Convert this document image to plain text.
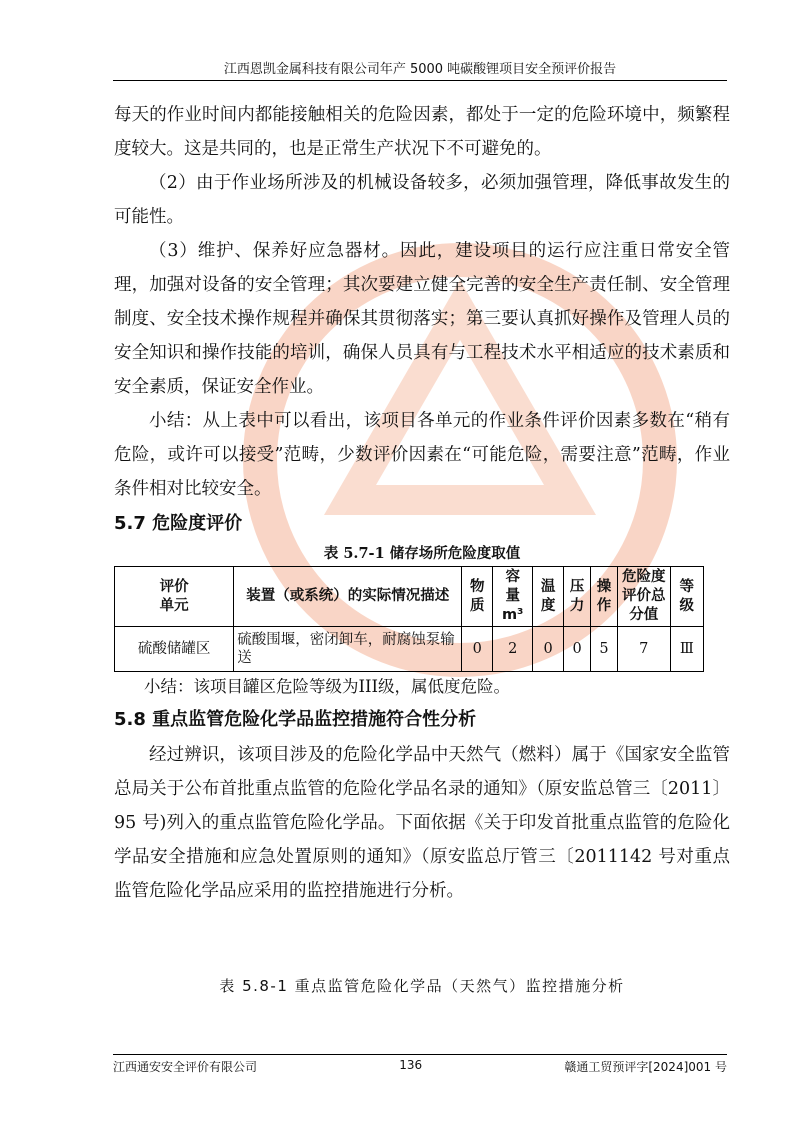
江西恩凯金属科技有限公司年产 5000 吨碳酸锂项目安全预评价报告

每天的作业时间内都能接触相关的危险因素，都处于一定的危险环境中，频繁程度较大。这是共同的，也是正常生产状况下不可避免的。

（2）由于作业场所涉及的机械设备较多，必须加强管理，降低事故发生的可能性。

（3）维护、保养好应急器材。因此，建设项目的运行应注重日常安全管理，加强对设备的安全管理；其次要建立健全完善的安全生产责任制、安全管理制度、安全技术操作规程并确保其贯彻落实；第三要认真抓好操作及管理人员的安全知识和操作技能的培训，确保人员具有与工程技术水平相适应的技术素质和安全素质，保证安全作业。

小结：从上表中可以看出，该项目各单元的作业条件评价因素多数在“稍有危险，或许可以接受”范畴，少数评价因素在“可能危险，需要注意”范畴，作业条件相对比较安全。

5.7 危险度评价

表 5.7-1 储存场所危险度取值

评价
单元	装置（或系统）的实际情况描述	物质	容
量
m³	温度	压力	操作	危险度评价总分值	等级
硫酸储罐区	硫酸围堰，密闭卸车，耐腐蚀泵输送	0	2	0	0	5	7	Ⅲ

小结：该项目罐区危险等级为III级，属低度危险。

5.8 重点监管危险化学品监控措施符合性分析

经过辨识，该项目涉及的危险化学品中天然气（燃料）属于《国家安全监管总局关于公布首批重点监管的危险化学品名录的通知》（原安监总管三〔2011〕95 号)列入的重点监管危险化学品。下面依据《关于印发首批重点监管的危险化学品安全措施和应急处置原则的通知》（原安监总厅管三〔2011142 号对重点监管危险化学品应采用的监控措施进行分析。

表 5.8-1 重点监管危险化学品（天然气）监控措施分析
江西通安安全评价有限公司	136	赣通工贸预评字[2024]001 号
